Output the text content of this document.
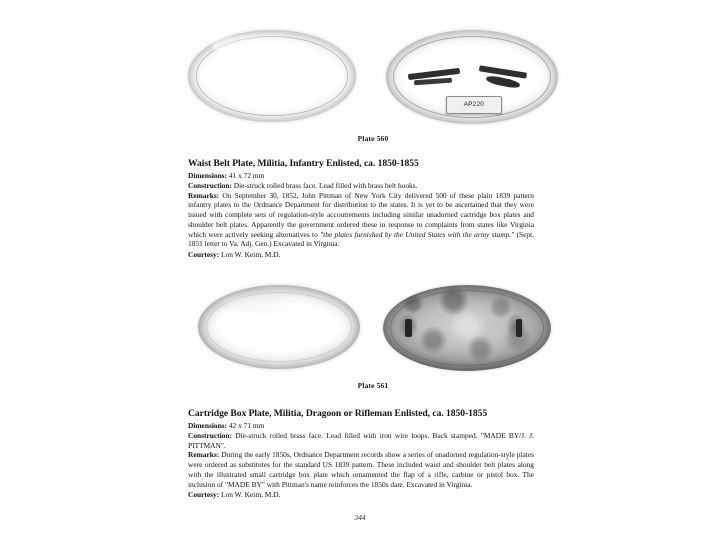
AP220
Plate 560
Waist Belt Plate, Militia, Infantry Enlisted, ca. 1850-1855

Dimensions: 41 x 72 mm

Construction: Die-struck rolled brass face. Lead filled with brass belt hooks.

Remarks: On September 30, 1852, John Pittman of New York City delivered 500 of these plain 1839 pattern infantry plates to the Ordnance Department for distribution to the states. It is yet to be ascertained that they were issued with complete sets of regulation-style accoutrements including similar unadorned cartridge box plates and shoulder belt plates. Apparently the government ordered these in response to complaints from states like Virginia which were actively seeking alternatives to "the plates furnished by the United States with the army stamp." (Sept. 1851 letter to Va. Adj. Gen.) Excavated in Virginia.

Courtesy: Lon W. Keim, M.D.

Plate 561
Cartridge Box Plate, Militia, Dragoon or Rifleman Enlisted, ca. 1850-1855

Dimensions: 42 x 71 mm

Construction: Die-struck rolled brass face. Lead filled with iron wire loops. Back stamped. "MADE BY/J. J. PITTMAN".

Remarks: During the early 1850s, Ordnance Department records show a series of unadorned regulation-style plates were ordered as substitutes for the standard US 1839 pattern. These included waist and shoulder belt plates along with the illustrated small cartridge box plate which ornamented the flap of a rifle, carbine or pistol box. The inclusion of "MADE BY" with Pittman's name reinforces the 1850s date. Excavated in Virginia.

Courtesy: Lon W. Keim, M.D.

344
